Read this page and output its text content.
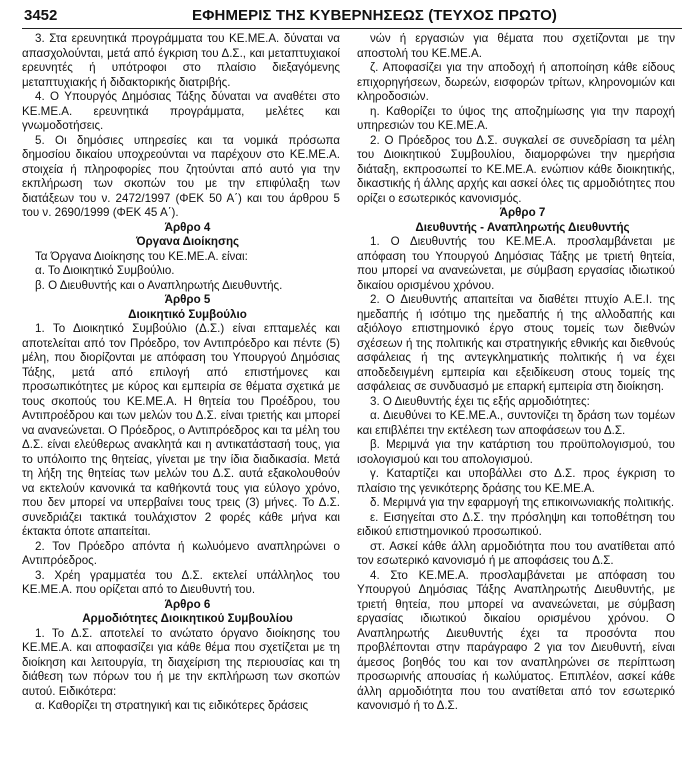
3452	ΕΦΗΜΕΡΙΣ ΤΗΣ ΚΥΒΕΡΝΗΣΕΩΣ (ΤΕΥΧΟΣ ΠΡΩΤΟ)

3. Στα ερευνητικά προγράμματα του ΚΕ.ΜΕ.Α. δύναται να απασχολούνται, μετά από έγκριση του Δ.Σ., και μεταπτυχιακοί ερευνητές ή υπότροφοι στο πλαίσιο διεξαγόμενης μεταπτυχιακής ή διδακτορικής διατριβής.

4. Ο Υπουργός Δημόσιας Τάξης δύναται να αναθέτει στο ΚΕ.ΜΕ.Α. ερευνητικά προγράμματα, μελέτες και γνωμοδοτήσεις.

5. Οι δημόσιες υπηρεσίες και τα νομικά πρόσωπα δημοσίου δικαίου υποχρεούνται να παρέχουν στο ΚΕ.ΜΕ.Α. στοιχεία ή πληροφορίες που ζητούνται από αυτό για την εκπλήρωση των σκοπών του με την επιφύλαξη των διατάξεων του ν. 2472/1997 (ΦΕΚ 50 Α΄) και του άρθρου 5 του ν. 2690/1999 (ΦΕΚ 45 Α΄).

Άρθρο 4

Όργανα Διοίκησης

Τα Όργανα Διοίκησης του ΚΕ.ΜΕ.Α. είναι:

α. Το Διοικητικό Συμβούλιο.

β. Ο Διευθυντής και ο Αναπληρωτής Διευθυντής.

Άρθρο 5

Διοικητικό Συμβούλιο

1. Το Διοικητικό Συμβούλιο (Δ.Σ.) είναι επταμελές και αποτελείται από τον Πρόεδρο, τον Αντιπρόεδρο και πέντε (5) μέλη, που διορίζονται με απόφαση του Υπουργού Δημόσιας Τάξης, μετά από επιλογή από επιστήμονες και προσωπικότητες με κύρος και εμπειρία σε θέματα σχετικά με τους σκοπούς του ΚΕ.ΜΕ.Α. Η θητεία του Προέδρου, του Αντιπροέδρου και των μελών του Δ.Σ. είναι τριετής και μπορεί να ανανεώνεται. Ο Πρόεδρος, ο Αντιπρόεδρος και τα μέλη του Δ.Σ. είναι ελεύθερως ανακλητά και η αντικατάστασή τους, για το υπόλοιπο της θητείας, γίνεται με την ίδια διαδικασία. Μετά τη λήξη της θητείας των μελών του Δ.Σ. αυτά εξακολουθούν να εκτελούν κανονικά τα καθήκοντά τους για εύλογο χρόνο, που δεν μπορεί να υπερβαίνει τους τρεις (3) μήνες. Το Δ.Σ. συνεδριάζει τακτικά τουλάχιστον 2 φορές κάθε μήνα και έκτακτα όποτε απαιτείται.

2. Τον Πρόεδρο απόντα ή κωλυόμενο αναπληρώνει ο Αντιπρόεδρος.

3. Χρέη γραμματέα του Δ.Σ. εκτελεί υπάλληλος του ΚΕ.ΜΕ.Α. που ορίζεται από το Διευθυντή του.

Άρθρο 6

Αρμοδιότητες Διοικητικού Συμβουλίου

1. Το Δ.Σ. αποτελεί το ανώτατο όργανο διοίκησης του ΚΕ.ΜΕ.Α. και αποφασίζει για κάθε θέμα που σχετίζεται με τη διοίκηση και λειτουργία, τη διαχείριση της περιουσίας και τη διάθεση των πόρων του ή με την εκπλήρωση των σκοπών αυτού. Ειδικότερα:

α. Καθορίζει τη στρατηγική και τις ειδικότερες δράσεις

νών ή εργασιών για θέματα που σχετίζονται με την αποστολή του ΚΕ.ΜΕ.Α.

ζ. Αποφασίζει για την αποδοχή ή αποποίηση κάθε είδους επιχορηγήσεων, δωρεών, εισφορών τρίτων, κληρονομιών και κληροδοσιών.

η. Καθορίζει το ύψος της αποζημίωσης για την παροχή υπηρεσιών του ΚΕ.ΜΕ.Α.

2. Ο Πρόεδρος του Δ.Σ. συγκαλεί σε συνεδρίαση τα μέλη του Διοικητικού Συμβουλίου, διαμορφώνει την ημερήσια διάταξη, εκπροσωπεί το ΚΕ.ΜΕ.Α. ενώπιον κάθε διοικητικής, δικαστικής ή άλλης αρχής και ασκεί όλες τις αρμοδιότητες που ορίζει ο εσωτερικός κανονισμός.

Άρθρο 7

Διευθυντής - Αναπληρωτής Διευθυντής

1. Ο Διευθυντής του ΚΕ.ΜΕ.Α. προσλαμβάνεται με απόφαση του Υπουργού Δημόσιας Τάξης με τριετή θητεία, που μπορεί να ανανεώνεται, με σύμβαση εργασίας ιδιωτικού δικαίου ορισμένου χρόνου.

2. Ο Διευθυντής απαιτείται να διαθέτει πτυχίο Α.Ε.Ι. της ημεδαπής ή ισότιμο της ημεδαπής ή της αλλοδαπής και αξιόλογο επιστημονικό έργο στους τομείς των διεθνών σχέσεων ή της πολιτικής και στρατηγικής εθνικής και διεθνούς ασφάλειας ή της αντεγκληματικής πολιτικής ή να έχει αποδεδειγμένη εμπειρία και εξειδίκευση στους τομείς της ασφάλειας σε συνδυασμό με επαρκή εμπειρία στη διοίκηση.

3. Ο Διευθυντής έχει τις εξής αρμοδιότητες:

α. Διευθύνει το ΚΕ.ΜΕ.Α., συντονίζει τη δράση των τομέων και επιβλέπει την εκτέλεση των αποφάσεων του Δ.Σ.

β. Μεριμνά για την κατάρτιση του προϋπολογισμού, του ισολογισμού και του απολογισμού.

γ. Καταρτίζει και υποβάλλει στο Δ.Σ. προς έγκριση το πλαίσιο της γενικότερης δράσης του ΚΕ.ΜΕ.Α.

δ. Μεριμνά για την εφαρμογή της επικοινωνιακής πολιτικής.

ε. Εισηγείται στο Δ.Σ. την πρόσληψη και τοποθέτηση του ειδικού επιστημονικού προσωπικού.

στ. Ασκεί κάθε άλλη αρμοδιότητα που του ανατίθεται από τον εσωτερικό κανονισμό ή με αποφάσεις του Δ.Σ.

4. Στο ΚΕ.ΜΕ.Α. προσλαμβάνεται με απόφαση του Υπουργού Δημόσιας Τάξης Αναπληρωτής Διευθυντής, με τριετή θητεία, που μπορεί να ανανεώνεται, με σύμβαση εργασίας ιδιωτικού δικαίου ορισμένου χρόνου. Ο Αναπληρωτής Διευθυντής έχει τα προσόντα που προβλέπονται στην παράγραφο 2 για τον Διευθυντή, είναι άμεσος βοηθός του και τον αναπληρώνει σε περίπτωση προσωρινής απουσίας ή κωλύματος. Επιπλέον, ασκεί κάθε άλλη αρμοδιότητα που του ανατίθεται από τον εσωτερικό κανονισμό ή το Δ.Σ.
